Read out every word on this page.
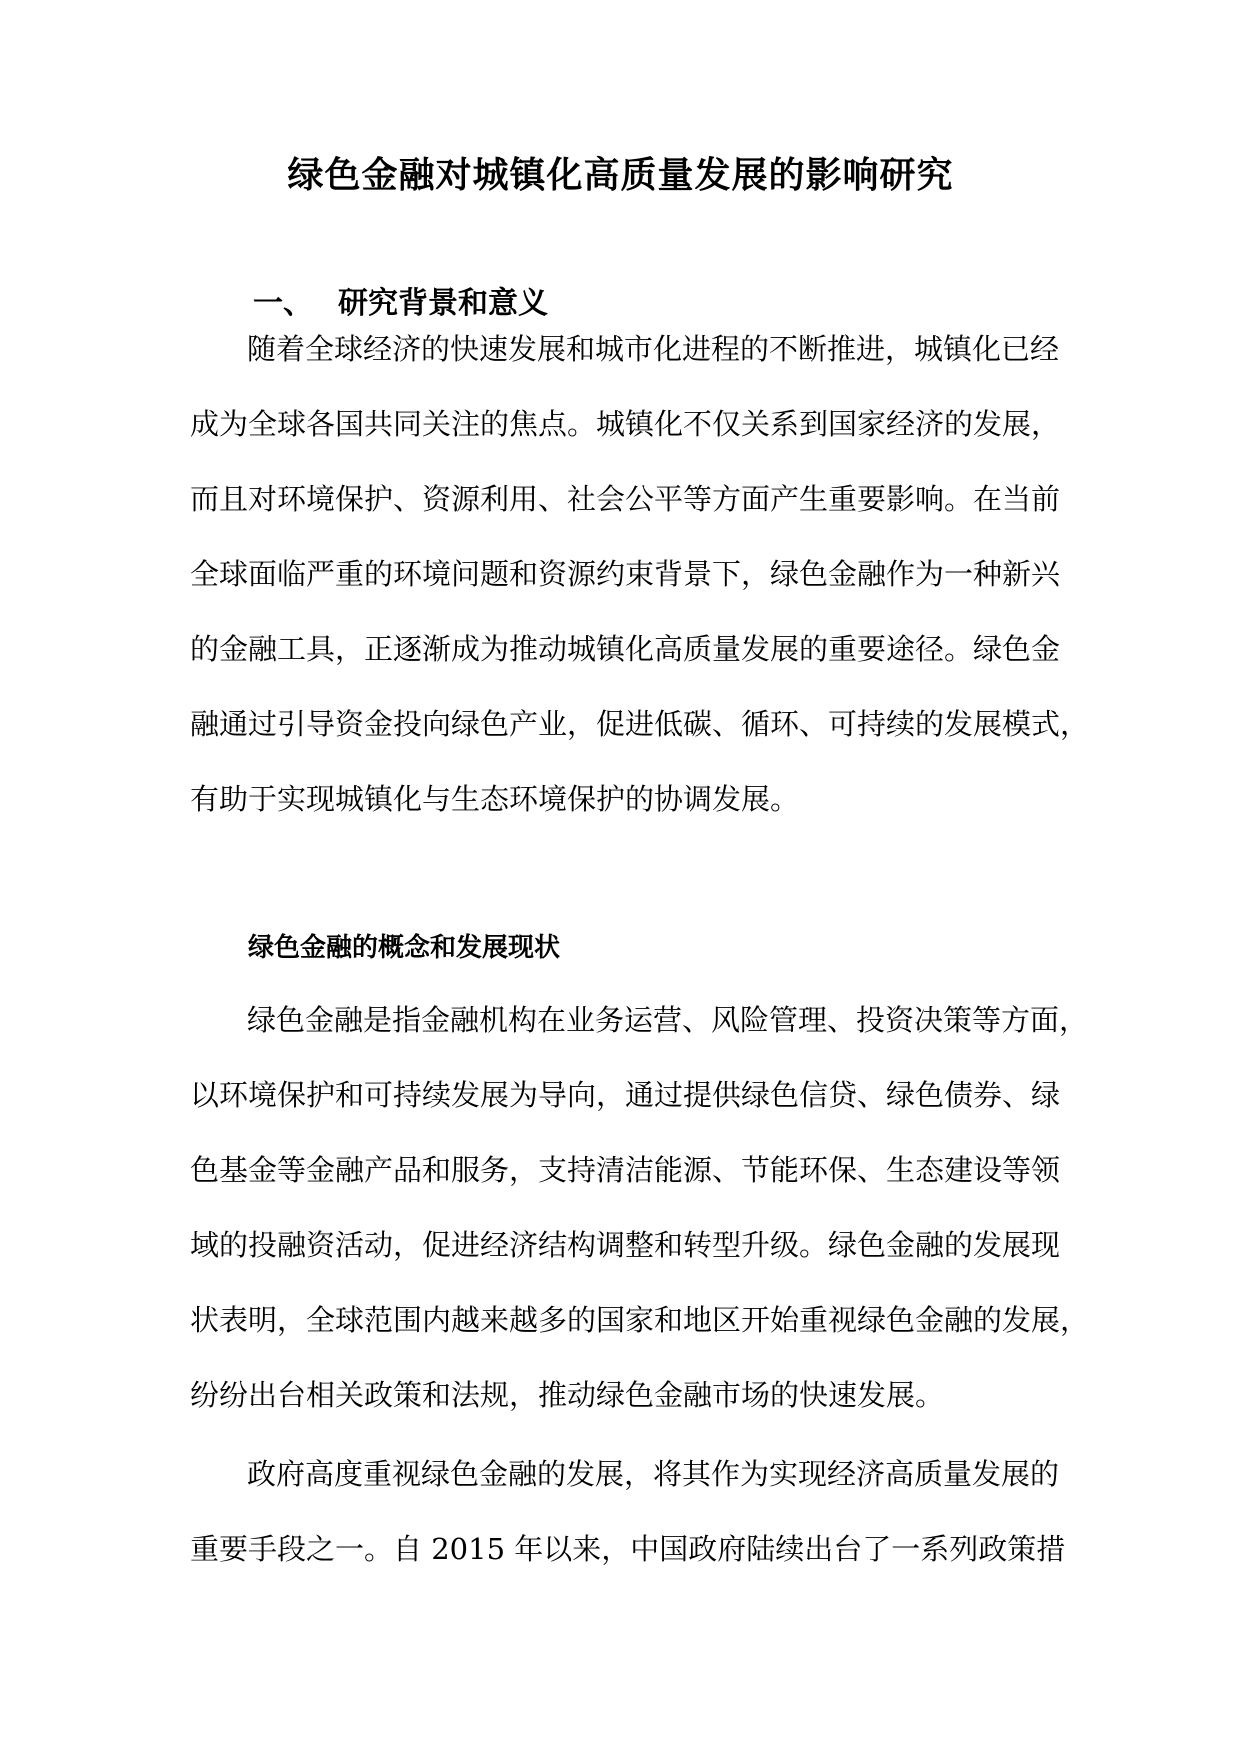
绿色金融对城镇化高质量发展的影响研究
一、 研究背景和意义
随着全球经济的快速发展和城市化进程的不断推进，城镇化已经
成为全球各国共同关注的焦点。城镇化不仅关系到国家经济的发展，
而且对环境保护、资源利用、社会公平等方面产生重要影响。在当前
全球面临严重的环境问题和资源约束背景下，绿色金融作为一种新兴
的金融工具，正逐渐成为推动城镇化高质量发展的重要途径。绿色金
融通过引导资金投向绿色产业，促进低碳、循环、可持续的发展模式，
有助于实现城镇化与生态环境保护的协调发展。
绿色金融的概念和发展现状
绿色金融是指金融机构在业务运营、风险管理、投资决策等方面，
以环境保护和可持续发展为导向，通过提供绿色信贷、绿色债券、绿
色基金等金融产品和服务，支持清洁能源、节能环保、生态建设等领
域的投融资活动，促进经济结构调整和转型升级。绿色金融的发展现
状表明，全球范围内越来越多的国家和地区开始重视绿色金融的发展，
纷纷出台相关政策和法规，推动绿色金融市场的快速发展。
政府高度重视绿色金融的发展，将其作为实现经济高质量发展的
重要手段之一。自 2015 年以来，中国政府陆续出台了一系列政策措
